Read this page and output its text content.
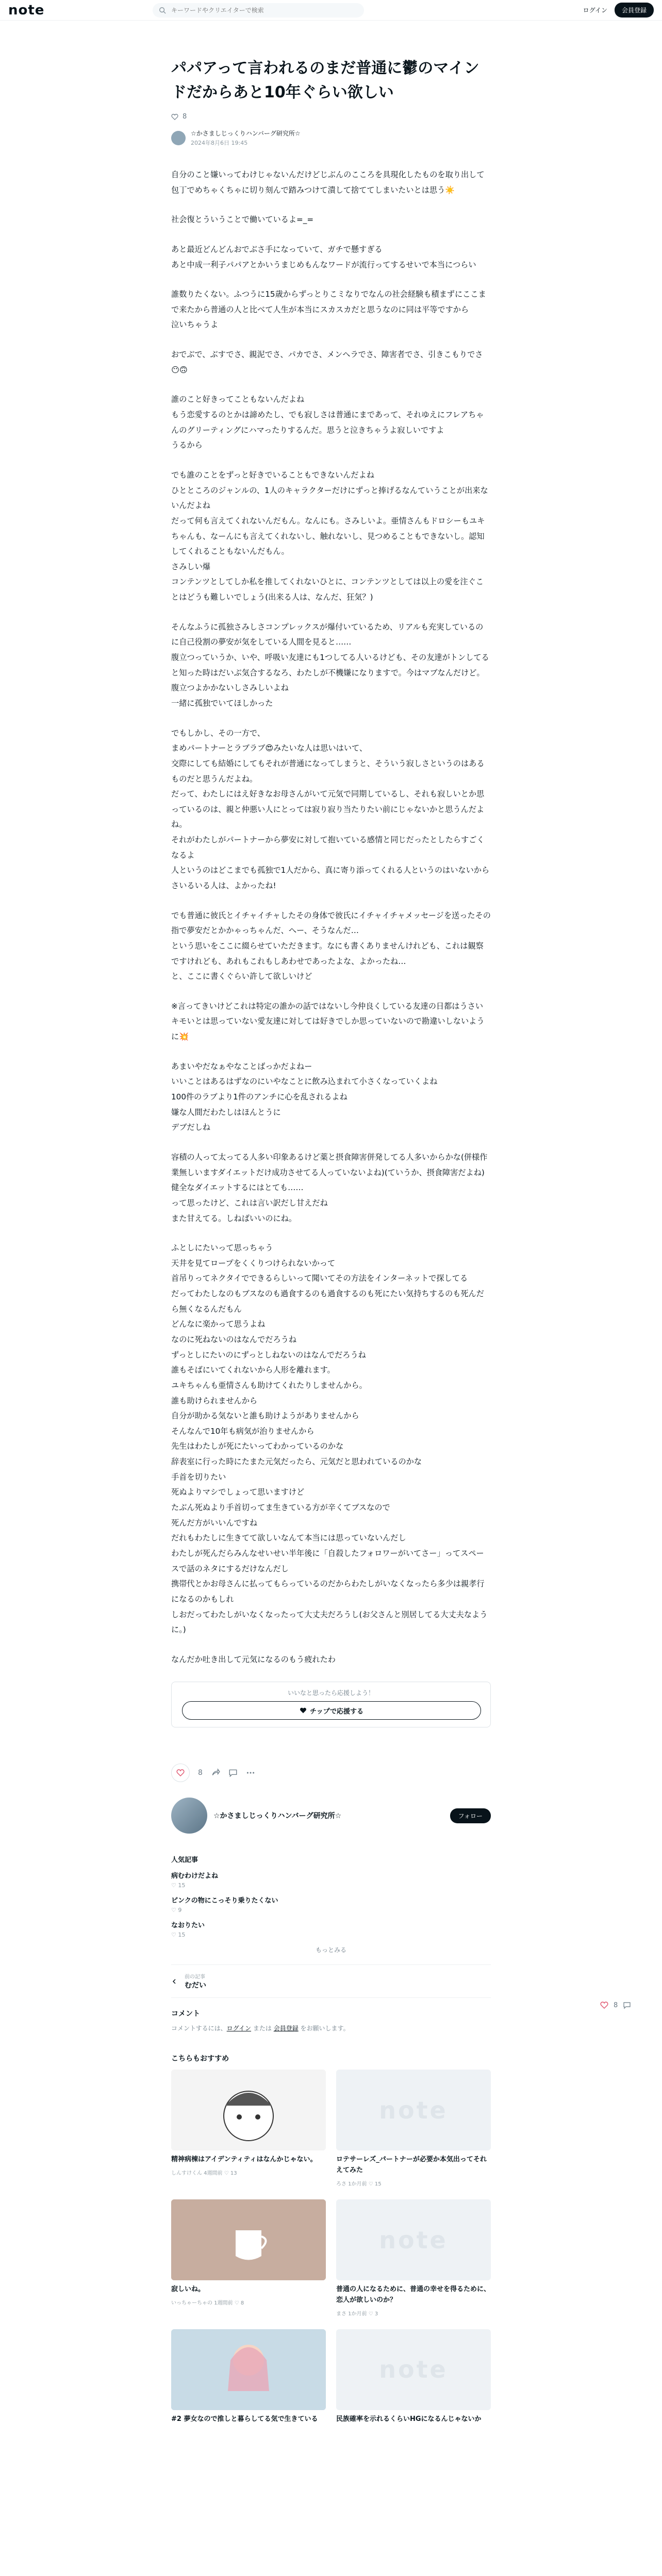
note
キーワードやクリエイターで検索	ログイン	会員登録
パパアって言われるのまだ普通に鬱のマインドだからあと10年ぐらい欲しい
8
☆かさましじっくりハンバーグ研究所☆
2024年8月6日 19:45

自分のこと嫌いってわけじゃないんだけどじぶんのこころを具現化したものを取り出して包丁でめちゃくちゃに切り刻んで踏みつけて潰して捨ててしまいたいとは思う☀️

社会復とういうことで働いているよ=_=

あと最近どんどんおでぶさ手になっていて、ガチで懸すぎる
あと中成一利子パパアとかいうまじめもんなワードが流行ってするせいで本当につらい

誰数りたくない。ふつうに15歳からずっとりこミなりでなんの社会経験も積まずにここまで来たから普通の人と比べて人生が本当にスカスカだと思うなのに同は平等ですから
泣いちゃうよ

おでぶで、ぶすでさ、親泥でさ、パカでさ、メンヘラでさ、障害者でさ、引きこもりでさ
😶🙃

誰のこと好きってこともないんだよね
もう恋愛するのとかは諦めたし、でも寂しさは普通にまであって、それゆえにフレアちゃんのグリーティングにハマったりするんだ。思うと泣きちゃうよ寂しいですよ
うるから

でも誰のことをずっと好きでいることもできないんだよね
ひとところのジャンルの、1人のキャラクターだけにずっと捧げるなんていうことが出来ないんだよね
だって何も言えてくれないんだもん。なんにも。さみしいよ。亜情さんもドロシーもユキちゃんも、なーんにも言えてくれないし、触れないし、見つめることもできないし。認知してくれることもないんだもん。
さみしい爆
コンテンツとしてしか私を推してくれないひとに、コンテンツとしては以上の愛を注ぐことはどうも難しいでしょう(出来る人は、なんだ、狂気？)

そんなふうに孤独さみしさコンプレックスが爆付いているため、リアルも充実しているのに自己役割の夢安が気をしている人間を見ると……
腹立つっていうか、いや、呼吸い友達にも1つしてる人いるけども、その友達がトンしてると知った時はだいぶ気合するなろ、わたしが不機嫌になりますで。今はマブなんだけど。
腹立つよかかないしさみしいよね
一緒に孤独でいてほしかった

でもしかし、その一方で、
まめパートナーとラブラブ😍みたいな人は思いはいて、
交際にしても結婚にしてもそれが普通になってしまうと、そういう寂しさというのはあるものだと思うんだよね。
だって、わたしにはえ好きなお母さんがいて元気で同期しているし、それも寂しいとか思っているのは、親と仲悪い人にとっては寂り寂り当たりたい前にじゃないかと思うんだよね。
それがわたしがパートナーから夢安に対して抱いている感情と同じだったとしたらすごくなるよ
人というのはどこまでも孤独で1人だから、真に寄り添ってくれる人というのはいないからさいるいる人は、よかったね!

でも普通に彼氏とイチャイチャしたその身体で彼氏にイチャイチャメッセージを送ったその指で夢安だとかかゃっちゃんだ、へー、そうなんだ…
という思いをここに綴らせていただきます。なにも書くありませんけれども、これは観察ですけれども、あれもこれもしあわせであったよな、よかったね…
と、ここに書くぐらい許して欲しいけど

※言ってきいけどこれは特定の誰かの話ではないし今仲良くしている友達の日都はうさいキモいとは思っていない愛友達に対しては好きでしか思っていないので勘違いしないように💥

あまいやだなぁやなことばっかだよねー
いいことはあるはずなのにいやなことに飲み込まれて小さくなっていくよね
100件のラブより1件のアンチに心を乱されるよね
嫌な人間だわたしはほんとうに
デブだしね

容積の人って太ってる人多い印象あるけど薬と摂食障害併発してる人多いからかな(併様作業無しいますダイエットだけ成功させてる人っていないよね)(ていうか、摂食障害だよね)
健全なダイエットするにはとても……
って思ったけど、これは言い訳だし甘えだね
また甘えてる。しねばいいのにね。

ふとしにたいって思っちゃう
天井を見てロープをくくりつけられないかって
首吊りってネクタイでできるらしいって聞いてその方法をインターネットで探してる
だってわたしなのもブスなのも過食するのも過食するのも死にたい気持ちするのも死んだら無くなるんだもん
どんなに楽かって思うよね
なのに死ねないのはなんでだろうね
ずっとしにたいのにずっとしねないのはなんでだろうね
誰もそばにいてくれないから人形を離れます。
ユキちゃんも亜情さんも助けてくれたりしませんから。
誰も助けられませんから
自分が助かる気ないと誰も助けようがありませんから
そんなんで10年も病気が治りませんから
先生はわたしが死にたいってわかっているのかな
辞表室に行った時にたまた元気だったら、元気だと思われているのかな
手首を切りたい
死ぬよりマシでしょって思いますけど
たぶん死ぬより手首切ってま生きている方が辛くてブスなので
死んだ方がいいんですね
だれもわたしに生きてて欲しいなんて本当には思っていないんだし
わたしが死んだらみんなせいせい半年後に「自殺したフォロワーがいてさー」ってスペースで話のネタにするだけなんだし
携帯代とかお母さんに払ってもらっているのだからわたしがいなくなったら多少は親孝行になるのかもしれ
しおだってわたしがいなくなったって大丈夫だろうし(お父さんと別居してる大丈夫なように。)

なんだか吐き出して元気になるのもう疲れたわ

いいなと思ったら応援しよう！
チップで応援する
8
☆かさましじっくりハンバーグ研究所☆	フォロー
人気記事
病むわけだよね
♡ 15
ピンクの物にこっそり乗りたくない
♡ 9
なおりたい
♡ 15
もっとみる
前の記事
むだい
コメント
コメントするには、ログイン または 会員登録 をお願いします。
こちらもおすすめ
精神病棟はアイデンティティはなんかじゃない。
しんすけくん 4週間前 ♡ 13
note
ロテサーレズ_パートナーが必要か本気出ってそれえてみた
ろさ 1か月前 ♡ 15
寂しいね。
いっちゃーちゃの 1週間前 ♡ 8
note
普通の人になるために、普通の幸せを得るために、恋人が欲しいのか？
まさ 1か月前 ♡ 3
#2 夢女なので推しと暮らしてる気で生きている
note
民族確率を示れるくらいHGになるんじゃないか
8
